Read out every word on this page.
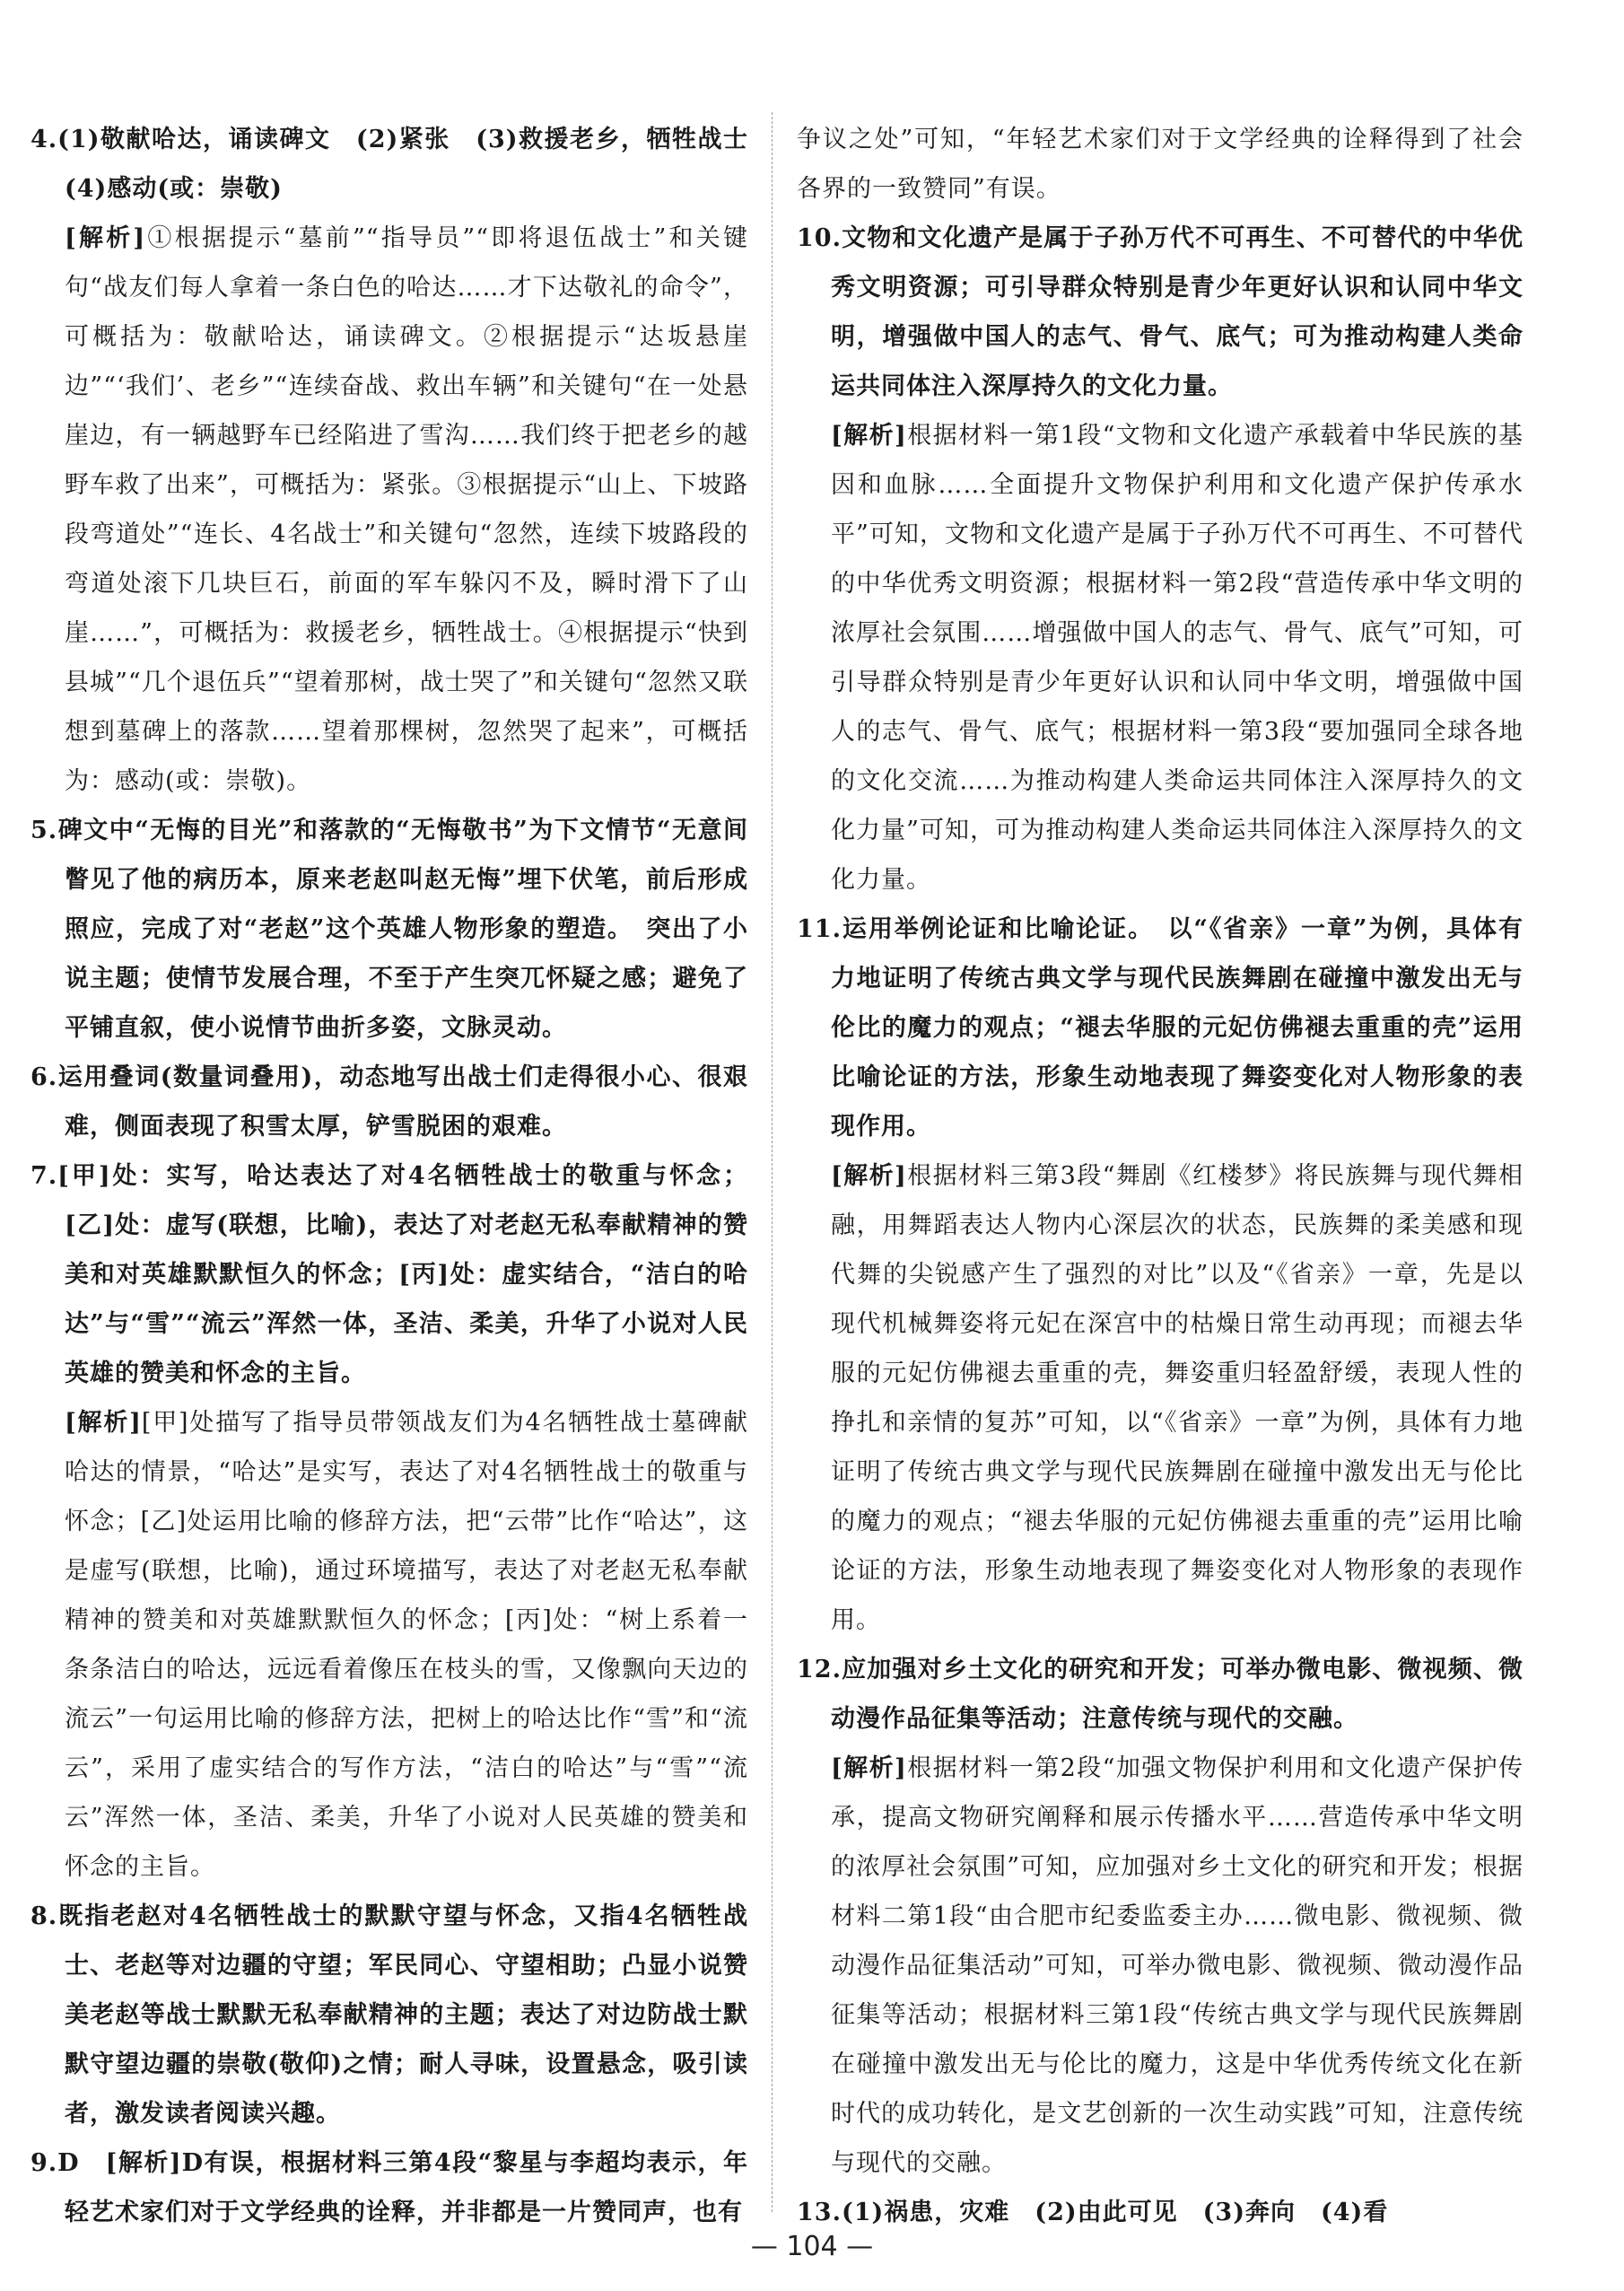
4.(1)敬献哈达，诵读碑文　(2)紧张　(3)救援老乡，牺牲战士　(4)感动(或：崇敬)
[解析]①根据提示“墓前”“指导员”“即将退伍战士”和关键句“战友们每人拿着一条白色的哈达……才下达敬礼的命令”，可概括为：敬献哈达，诵读碑文。②根据提示“达坂悬崖边”“‘我们’、老乡”“连续奋战、救出车辆”和关键句“在一处悬崖边，有一辆越野车已经陷进了雪沟……我们终于把老乡的越野车救了出来”，可概括为：紧张。③根据提示“山上、下坡路段弯道处”“连长、4名战士”和关键句“忽然，连续下坡路段的弯道处滚下几块巨石，前面的军车躲闪不及，瞬时滑下了山崖……”，可概括为：救援老乡，牺牲战士。④根据提示“快到县城”“几个退伍兵”“望着那树，战士哭了”和关键句“忽然又联想到墓碑上的落款……望着那棵树，忽然哭了起来”，可概括为：感动(或：崇敬)。
5.碑文中“无悔的目光”和落款的“无悔敬书”为下文情节“无意间瞥见了他的病历本，原来老赵叫赵无悔”埋下伏笔，前后形成照应，完成了对“老赵”这个英雄人物形象的塑造。　突出了小说主题；使情节发展合理，不至于产生突兀怀疑之感；避免了平铺直叙，使小说情节曲折多姿，文脉灵动。
6.运用叠词(数量词叠用)，动态地写出战士们走得很小心、很艰难，侧面表现了积雪太厚，铲雪脱困的艰难。
7.[甲]处：实写，哈达表达了对4名牺牲战士的敬重与怀念；[乙]处：虚写(联想，比喻)，表达了对老赵无私奉献精神的赞美和对英雄默默恒久的怀念；[丙]处：虚实结合，“洁白的哈达”与“雪”“流云”浑然一体，圣洁、柔美，升华了小说对人民英雄的赞美和怀念的主旨。
[解析][甲]处描写了指导员带领战友们为4名牺牲战士墓碑献哈达的情景，“哈达”是实写，表达了对4名牺牲战士的敬重与怀念；[乙]处运用比喻的修辞方法，把“云带”比作“哈达”，这是虚写(联想，比喻)，通过环境描写，表达了对老赵无私奉献精神的赞美和对英雄默默恒久的怀念；[丙]处：“树上系着一条条洁白的哈达，远远看着像压在枝头的雪，又像飘向天边的流云”一句运用比喻的修辞方法，把树上的哈达比作“雪”和“流云”，采用了虚实结合的写作方法，“洁白的哈达”与“雪”“流云”浑然一体，圣洁、柔美，升华了小说对人民英雄的赞美和怀念的主旨。
8.既指老赵对4名牺牲战士的默默守望与怀念，又指4名牺牲战士、老赵等对边疆的守望；军民同心、守望相助；凸显小说赞美老赵等战士默默无私奉献精神的主题；表达了对边防战士默默守望边疆的崇敬(敬仰)之情；耐人寻味，设置悬念，吸引读者，激发读者阅读兴趣。
9.D　[解析]D有误，根据材料三第4段“黎星与李超均表示，年轻艺术家们对于文学经典的诠释，并非都是一片赞同声，也有
争议之处”可知，“年轻艺术家们对于文学经典的诠释得到了社会各界的一致赞同”有误。
10.文物和文化遗产是属于子孙万代不可再生、不可替代的中华优秀文明资源；可引导群众特别是青少年更好认识和认同中华文明，增强做中国人的志气、骨气、底气；可为推动构建人类命运共同体注入深厚持久的文化力量。
[解析]根据材料一第1段“文物和文化遗产承载着中华民族的基因和血脉……全面提升文物保护利用和文化遗产保护传承水平”可知，文物和文化遗产是属于子孙万代不可再生、不可替代的中华优秀文明资源；根据材料一第2段“营造传承中华文明的浓厚社会氛围……增强做中国人的志气、骨气、底气”可知，可引导群众特别是青少年更好认识和认同中华文明，增强做中国人的志气、骨气、底气；根据材料一第3段“要加强同全球各地的文化交流……为推动构建人类命运共同体注入深厚持久的文化力量”可知，可为推动构建人类命运共同体注入深厚持久的文化力量。
11.运用举例论证和比喻论证。　以“《省亲》一章”为例，具体有力地证明了传统古典文学与现代民族舞剧在碰撞中激发出无与伦比的魔力的观点；“褪去华服的元妃仿佛褪去重重的壳”运用比喻论证的方法，形象生动地表现了舞姿变化对人物形象的表现作用。
[解析]根据材料三第3段“舞剧《红楼梦》将民族舞与现代舞相融，用舞蹈表达人物内心深层次的状态，民族舞的柔美感和现代舞的尖锐感产生了强烈的对比”以及“《省亲》一章，先是以现代机械舞姿将元妃在深宫中的枯燥日常生动再现；而褪去华服的元妃仿佛褪去重重的壳，舞姿重归轻盈舒缓，表现人性的挣扎和亲情的复苏”可知，以“《省亲》一章”为例，具体有力地证明了传统古典文学与现代民族舞剧在碰撞中激发出无与伦比的魔力的观点；“褪去华服的元妃仿佛褪去重重的壳”运用比喻论证的方法，形象生动地表现了舞姿变化对人物形象的表现作用。
12.应加强对乡土文化的研究和开发；可举办微电影、微视频、微动漫作品征集等活动；注意传统与现代的交融。
[解析]根据材料一第2段“加强文物保护利用和文化遗产保护传承，提高文物研究阐释和展示传播水平……营造传承中华文明的浓厚社会氛围”可知，应加强对乡土文化的研究和开发；根据材料二第1段“由合肥市纪委监委主办……微电影、微视频、微动漫作品征集活动”可知，可举办微电影、微视频、微动漫作品征集等活动；根据材料三第1段“传统古典文学与现代民族舞剧在碰撞中激发出无与伦比的魔力，这是中华优秀传统文化在新时代的成功转化，是文艺创新的一次生动实践”可知，注意传统与现代的交融。
13.(1)祸患，灾难　(2)由此可见　(3)奔向　(4)看
— 104 —
